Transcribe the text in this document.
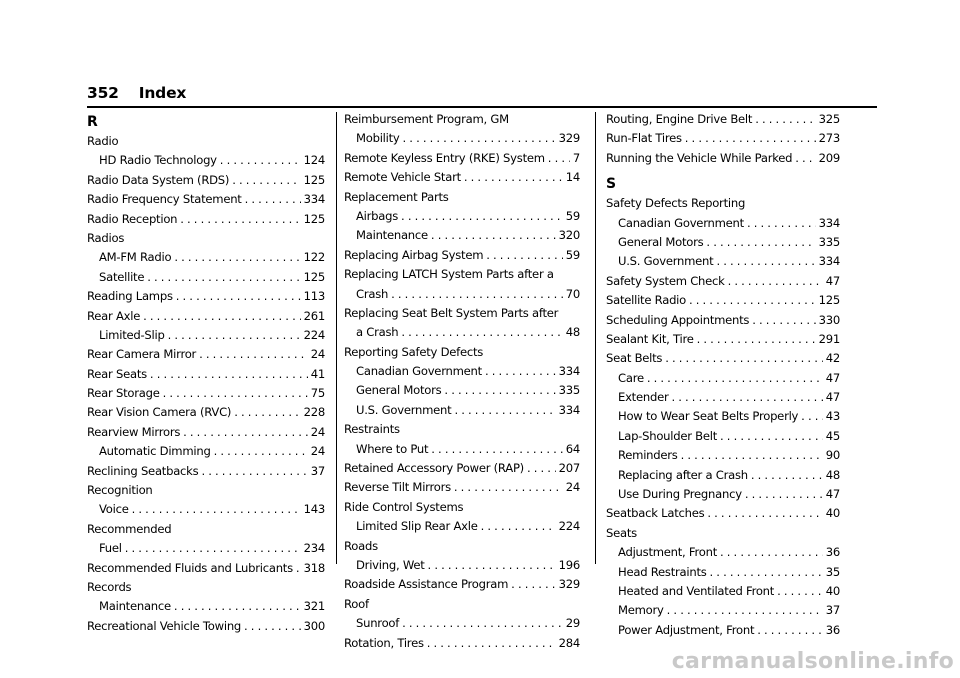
352 Index
R
Radio
HD Radio Technology . . .	124
Radio Data System (RDS) . . .	125
Radio Frequency Statement . . .	334
Radio Reception . . .	125
Radios
AM-FM Radio . . .	122
Satellite . . .	125
Reading Lamps . . .	113
Rear Axle . . .	261
Limited-Slip . . .	224
Rear Camera Mirror . . .	24
Rear Seats . . .	41
Rear Storage . . .	75
Rear Vision Camera (RVC) . . .	228
Rearview Mirrors . . .	24
Automatic Dimming . . .	24
Reclining Seatbacks . . .	37
Recognition
Voice . . .	143
Recommended
Fuel . . .	234
Recommended Fluids and Lubricants . . . 318
Records
Maintenance . . .	321
Recreational Vehicle Towing . . .	300
Reimbursement Program, GM
Mobility . . .	329
Remote Keyless Entry (RKE) System . . . 7
Remote Vehicle Start . . .	14
Replacement Parts
Airbags . . .	59
Maintenance . . .	320
Replacing Airbag System . . .	59
Replacing LATCH System Parts after a
Crash . . .	70
Replacing Seat Belt System Parts after
a Crash . . .	48
Reporting Safety Defects
Canadian Government . . .	334
General Motors . . .	335
U.S. Government . . .	334
Restraints
Where to Put . . .	64
Retained Accessory Power (RAP) . . .	207
Reverse Tilt Mirrors . . .	24
Ride Control Systems
Limited Slip Rear Axle . . .	224
Roads
Driving, Wet . . .	196
Roadside Assistance Program . . .	329
Roof
Sunroof . . .	29
Rotation, Tires . . .	284
Routing, Engine Drive Belt . . .	325
Run-Flat Tires . . .	273
Running the Vehicle While Parked . . . 209
S
Safety Defects Reporting
Canadian Government . . .	334
General Motors . . .	335
U.S. Government . . .	334
Safety System Check . . .	47
Satellite Radio . . .	125
Scheduling Appointments . . .	330
Sealant Kit, Tire . . .	291
Seat Belts . . .	42
Care . . .	47
Extender . . .	47
How to Wear Seat Belts Properly . . . 43
Lap-Shoulder Belt . . .	45
Reminders . . .	90
Replacing after a Crash . . .	48
Use During Pregnancy . . .	47
Seatback Latches . . .	40
Seats
Adjustment, Front . . .	36
Head Restraints . . .	35
Heated and Ventilated Front . . .	40
Memory . . .	37
Power Adjustment, Front . . .	36
carmanualsonline.info
